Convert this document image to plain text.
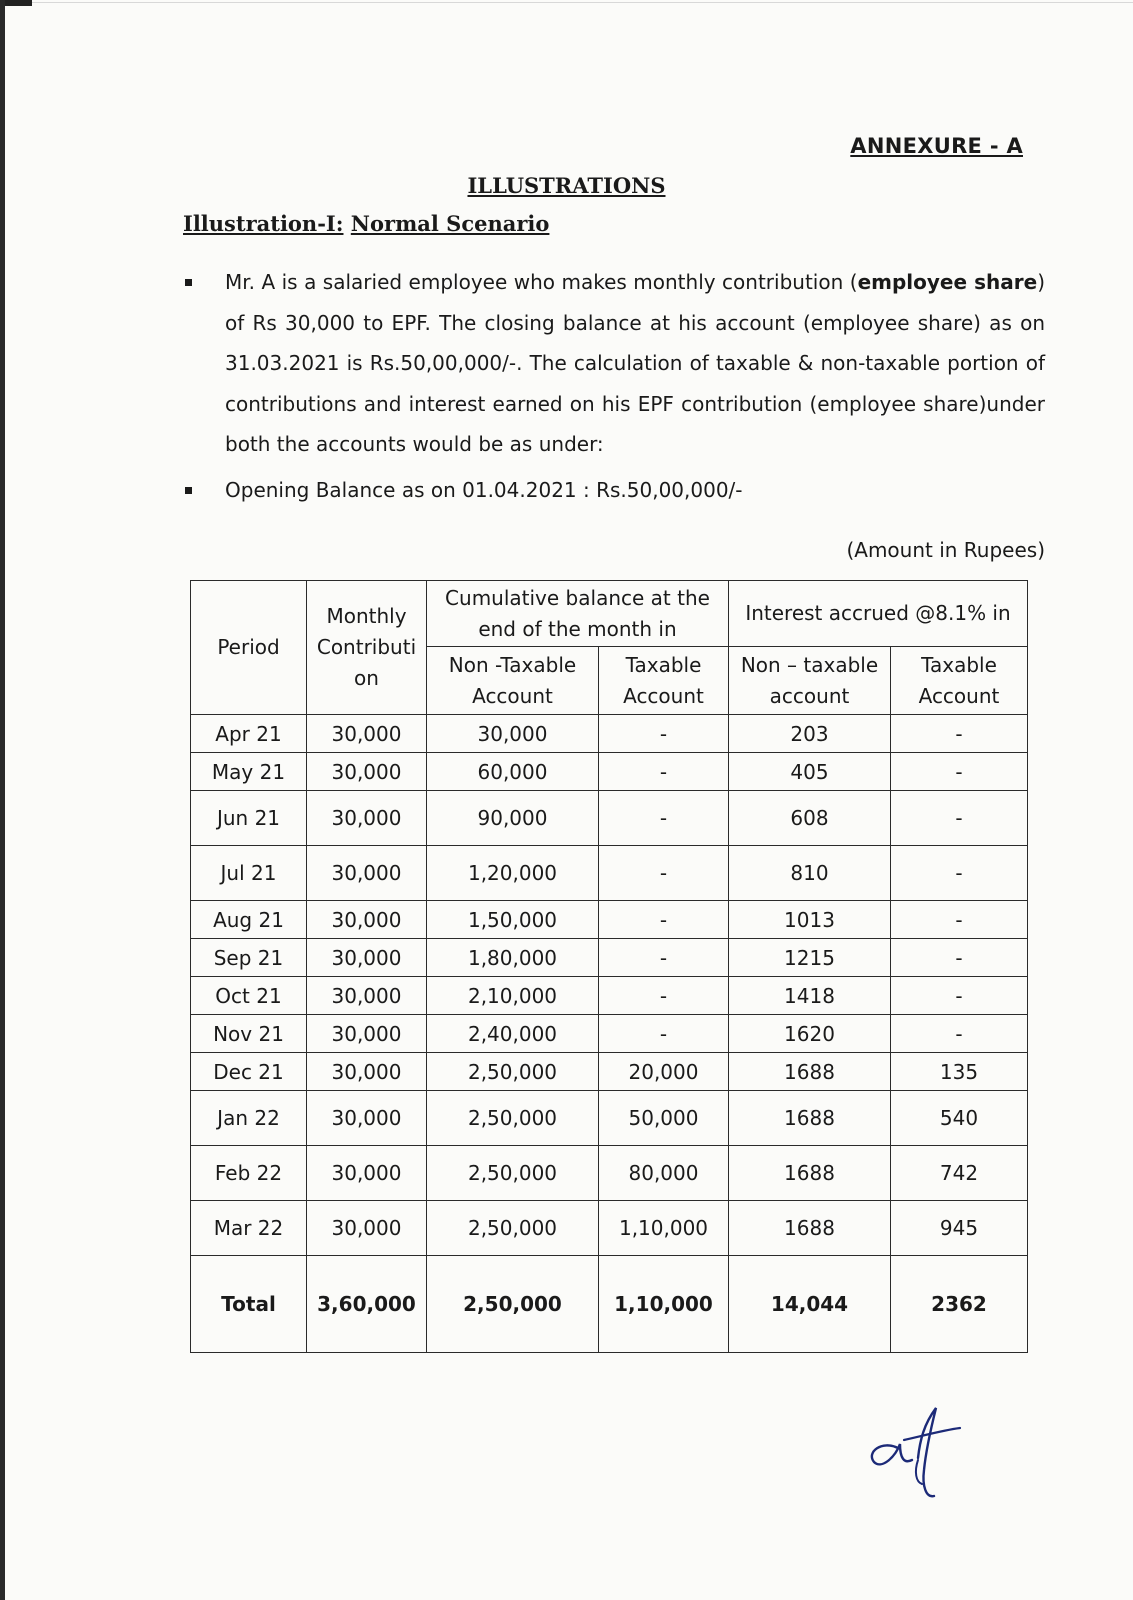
ANNEXURE - A
ILLUSTRATIONS
Illustration-I: Normal Scenario
Mr. A is a salaried employee who makes monthly contribution (employee share) of Rs 30,000 to EPF. The closing balance at his account (employee share) as on 31.03.2021 is Rs.50,00,000/-. The calculation of taxable & non-taxable portion of contributions and interest earned on his EPF contribution (employee share)under both the accounts would be as under:
Opening Balance as on 01.04.2021 : Rs.50,00,000/-
(Amount in Rupees)
Period	Monthly Contributi on	Cumulative balance at the end of the month in		Interest accrued @8.1% in	
		Non -Taxable Account	Taxable Account	Non – taxable account	Taxable Account
Apr 21	30,000	30,000	-	203	-
May 21	30,000	60,000	-	405	-
Jun 21	30,000	90,000	-	608	-
Jul 21	30,000	1,20,000	-	810	-
Aug 21	30,000	1,50,000	-	1013	-
Sep 21	30,000	1,80,000	-	1215	-
Oct 21	30,000	2,10,000	-	1418	-
Nov 21	30,000	2,40,000	-	1620	-
Dec 21	30,000	2,50,000	20,000	1688	135
Jan 22	30,000	2,50,000	50,000	1688	540
Feb 22	30,000	2,50,000	80,000	1688	742
Mar 22	30,000	2,50,000	1,10,000	1688	945
Total	3,60,000	2,50,000	1,10,000	14,044	2362
